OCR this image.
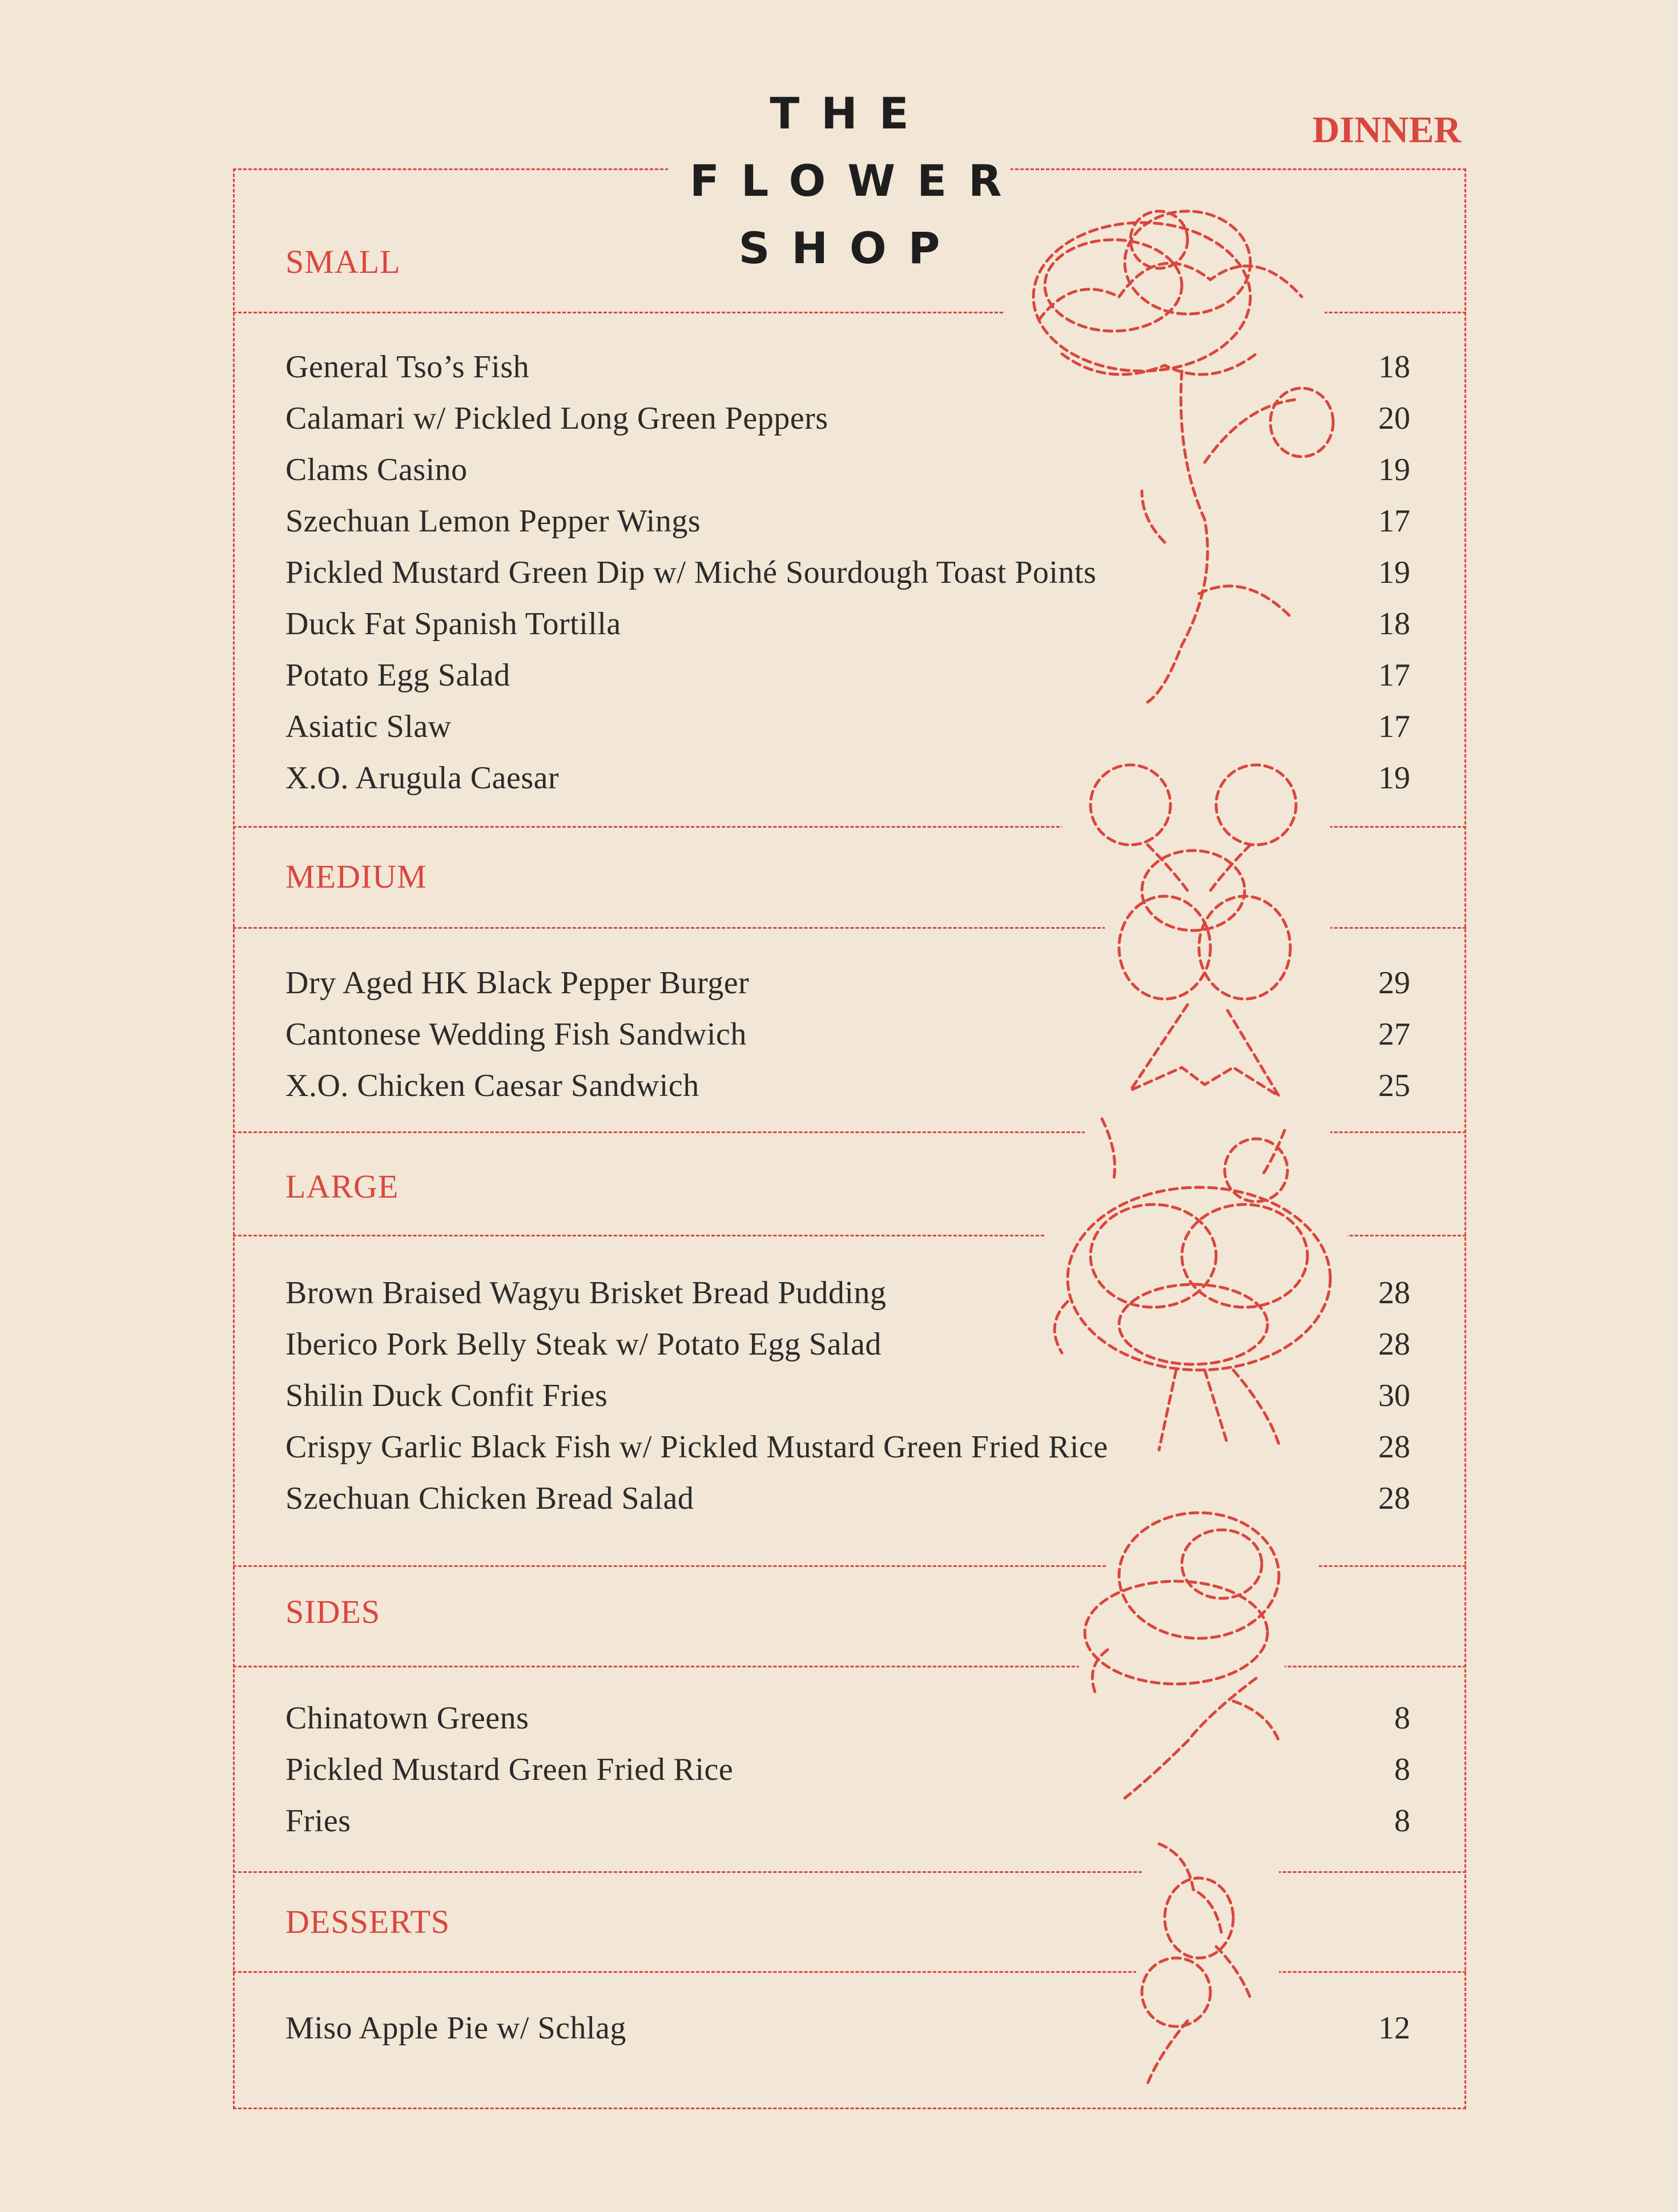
THE
FLOWER
SHOP
DINNER
SMALL
General Tso’s Fish	18
Calamari w/ Pickled Long Green Peppers	20
Clams Casino	19
Szechuan Lemon Pepper Wings	17
Pickled Mustard Green Dip w/ Miché Sourdough Toast Points	19
Duck Fat Spanish Tortilla	18
Potato Egg Salad	17
Asiatic Slaw	17
X.O. Arugula Caesar	19
MEDIUM
Dry Aged HK Black Pepper Burger	29
Cantonese Wedding Fish Sandwich	27
X.O. Chicken Caesar Sandwich	25
LARGE
Brown Braised Wagyu Brisket Bread Pudding	28
Iberico Pork Belly Steak w/ Potato Egg Salad	28
Shilin Duck Confit Fries	30
Crispy Garlic Black Fish w/ Pickled Mustard Green Fried Rice	28
Szechuan Chicken Bread Salad	28
SIDES
Chinatown Greens	8
Pickled Mustard Green Fried Rice	8
Fries	8
DESSERTS
Miso Apple Pie w/ Schlag	12
